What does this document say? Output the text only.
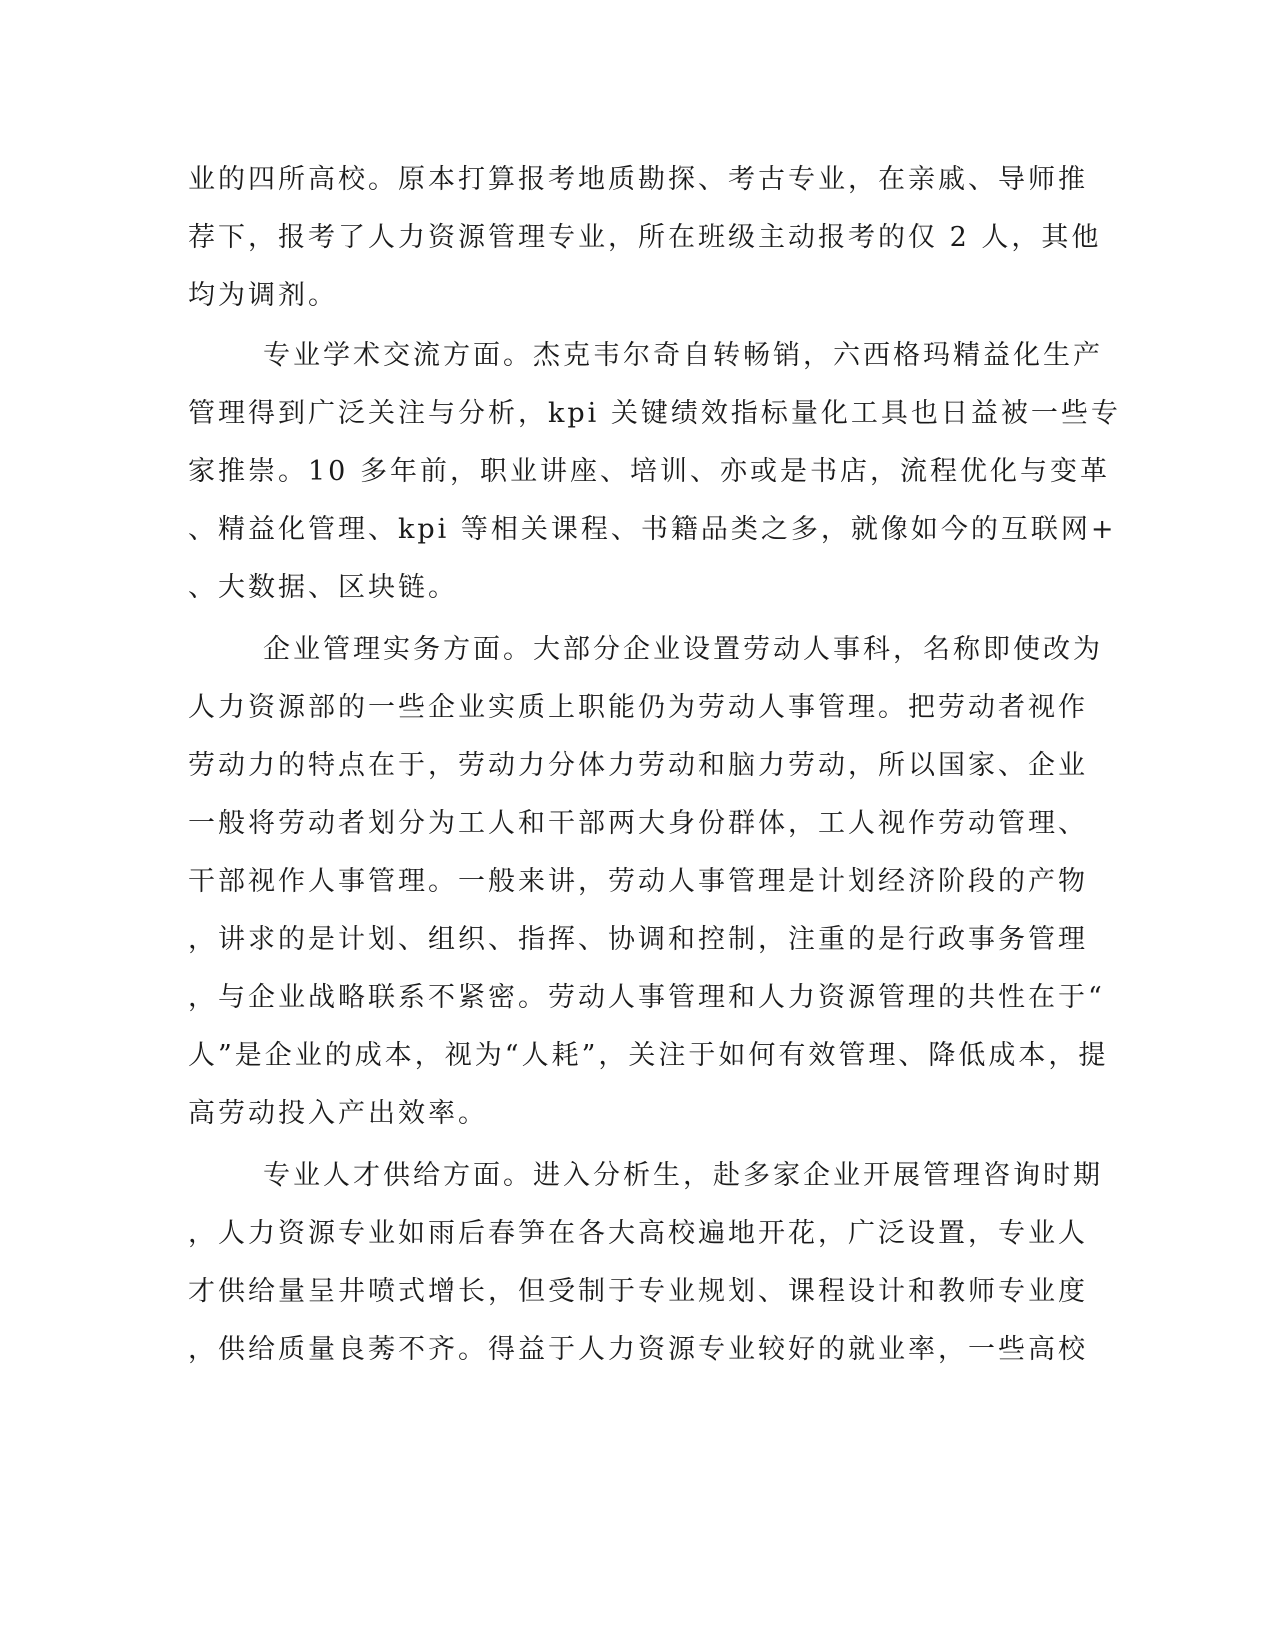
业的四所高校。原本打算报考地质勘探、考古专业，在亲戚、导师推
荐下，报考了人力资源管理专业，所在班级主动报考的仅 2 人，其他
均为调剂。
专业学术交流方面。杰克韦尔奇自转畅销，六西格玛精益化生产
管理得到广泛关注与分析，kpi 关键绩效指标量化工具也日益被一些专
家推崇。10 多年前，职业讲座、培训、亦或是书店，流程优化与变革
、精益化管理、kpi 等相关课程、书籍品类之多，就像如今的互联网+
、大数据、区块链。
企业管理实务方面。大部分企业设置劳动人事科，名称即使改为
人力资源部的一些企业实质上职能仍为劳动人事管理。把劳动者视作
劳动力的特点在于，劳动力分体力劳动和脑力劳动，所以国家、企业
一般将劳动者划分为工人和干部两大身份群体，工人视作劳动管理、
干部视作人事管理。一般来讲，劳动人事管理是计划经济阶段的产物
，讲求的是计划、组织、指挥、协调和控制，注重的是行政事务管理
，与企业战略联系不紧密。劳动人事管理和人力资源管理的共性在于“
人”是企业的成本，视为“人耗”，关注于如何有效管理、降低成本，提
高劳动投入产出效率。
专业人才供给方面。进入分析生，赴多家企业开展管理咨询时期
，人力资源专业如雨后春笋在各大高校遍地开花，广泛设置，专业人
才供给量呈井喷式增长，但受制于专业规划、课程设计和教师专业度
，供给质量良莠不齐。得益于人力资源专业较好的就业率，一些高校
